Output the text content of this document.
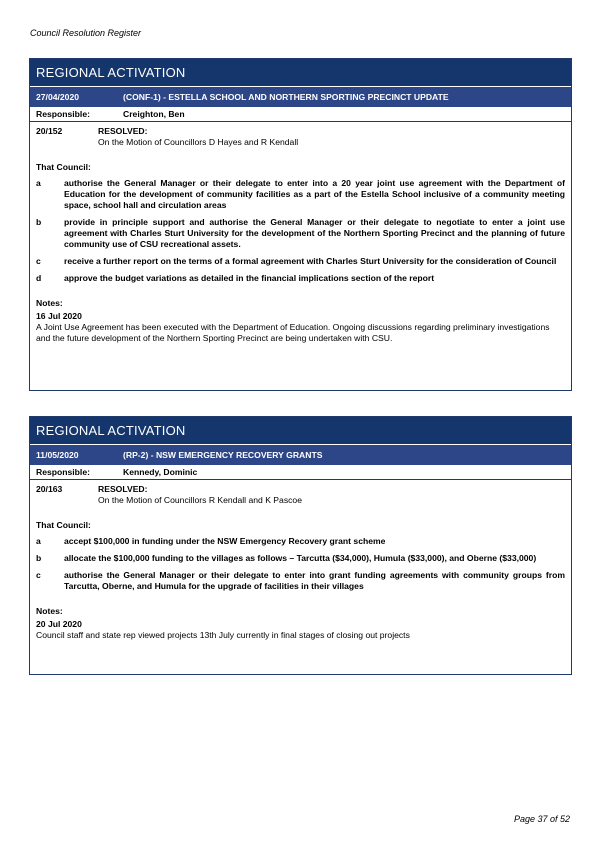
Council Resolution Register
REGIONAL ACTIVATION
27/04/2020	(CONF-1) - ESTELLA SCHOOL AND NORTHERN SPORTING PRECINCT UPDATE
Responsible:	Creighton, Ben
20/152	RESOLVED:
On the Motion of Councillors D Hayes and R Kendall
That Council:
a	authorise the General Manager or their delegate to enter into a 20 year joint use agreement with the Department of Education for the development of community facilities as a part of the Estella School inclusive of a community meeting space, school hall and circulation areas
b	provide in principle support and authorise the General Manager or their delegate to negotiate to enter a joint use agreement with Charles Sturt University for the development of the Northern Sporting Precinct and the planning of future community use of CSU recreational assets.
c	receive a further report on the terms of a formal agreement with Charles Sturt University for the consideration of Council
d	approve the budget variations as detailed in the financial implications section of the report
Notes:
16 Jul 2020
A Joint Use Agreement has been executed with the Department of Education. Ongoing discussions regarding preliminary investigations and the future development of the Northern Sporting Precinct are being undertaken with CSU.
REGIONAL ACTIVATION
11/05/2020	(RP-2) - NSW EMERGENCY RECOVERY GRANTS
Responsible:	Kennedy, Dominic
20/163	RESOLVED:
On the Motion of Councillors R Kendall and K Pascoe
That Council:
a	accept $100,000 in funding under the NSW Emergency Recovery grant scheme
b	allocate the $100,000 funding to the villages as follows – Tarcutta ($34,000), Humula ($33,000), and Oberne ($33,000)
c	authorise the General Manager or their delegate to enter into grant funding agreements with community groups from Tarcutta, Oberne, and Humula for the upgrade of facilities in their villages
Notes:
20 Jul 2020
Council staff and state rep viewed projects 13th July currently in final stages of closing out projects
Page 37 of 52
